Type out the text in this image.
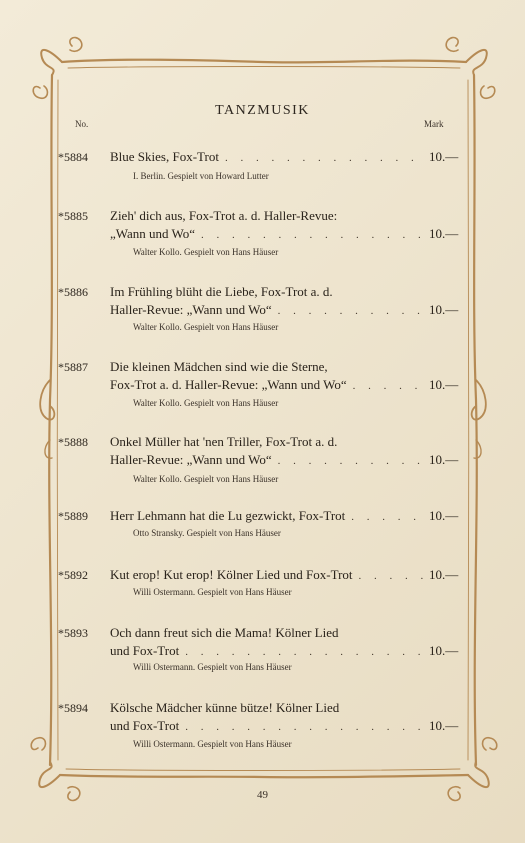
TANZMUSIK
No.	Mark
*5884 Blue Skies, Fox-Trot . . .	10.—
I. Berlin. Gespielt von Howard Lutter
*5885 Zieh' dich aus, Fox-Trot a. d. Haller-Revue:
„Wann und Wo“ . . .	10.—
Walter Kollo. Gespielt von Hans Häuser
*5886 Im Frühling blüht die Liebe, Fox-Trot a. d.
Haller-Revue: „Wann und Wo“ . . .	10.—
Walter Kollo. Gespielt von Hans Häuser
*5887 Die kleinen Mädchen sind wie die Sterne,
Fox-Trot a. d. Haller-Revue: „Wann und Wo“ . . .	10.—
Walter Kollo. Gespielt von Hans Häuser
*5888 Onkel Müller hat 'nen Triller, Fox-Trot a. d.
Haller-Revue: „Wann und Wo“ . . .	10.—
Walter Kollo. Gespielt von Hans Häuser
*5889 Herr Lehmann hat die Lu gezwickt, Fox-Trot . . .	10.—
Otto Stransky. Gespielt von Hans Häuser
*5892 Kut erop! Kut erop! Kölner Lied und Fox-Trot . . .	10.—
Willi Ostermann. Gespielt von Hans Häuser
*5893 Och dann freut sich die Mama! Kölner Lied
und Fox-Trot . . .	10.—
Willi Ostermann. Gespielt von Hans Häuser
*5894 Kölsche Mädcher künne bütze! Kölner Lied
und Fox-Trot . . .	10.—
Willi Ostermann. Gespielt von Hans Häuser
49
